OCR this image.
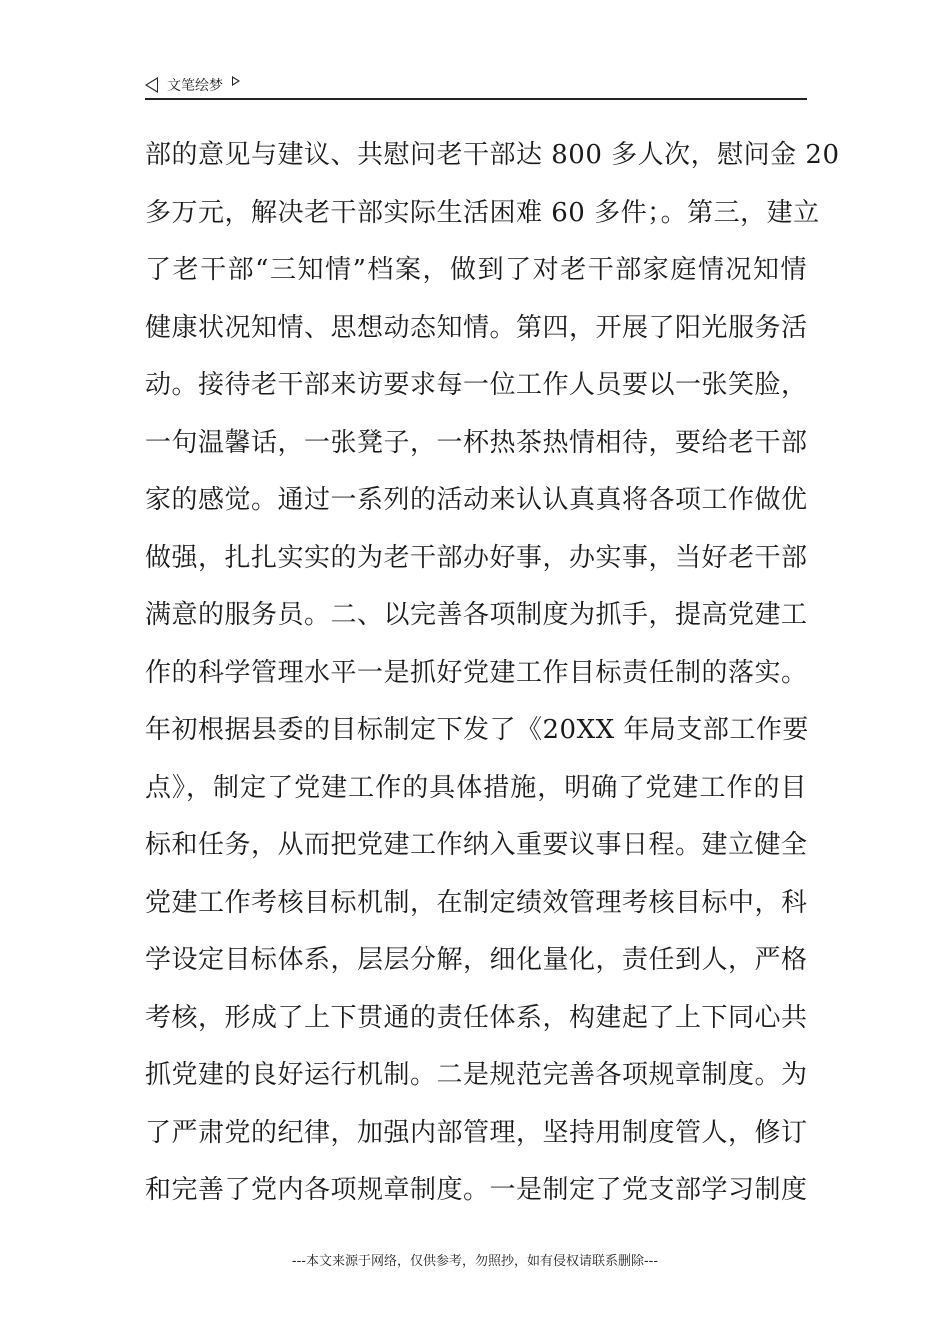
文笔绘梦
部的意见与建议、共慰问老干部达 800 多人次，慰问金 20
多万元，解决老干部实际生活困难 60 多件；。第三，建立
了老干部“三知情”档案，做到了对老干部家庭情况知情
健康状况知情、思想动态知情。第四，开展了阳光服务活
动。接待老干部来访要求每一位工作人员要以一张笑脸，
一句温馨话，一张凳子，一杯热茶热情相待，要给老干部
家的感觉。通过一系列的活动来认认真真将各项工作做优
做强，扎扎实实的为老干部办好事，办实事，当好老干部
满意的服务员。二、以完善各项制度为抓手，提高党建工
作的科学管理水平一是抓好党建工作目标责任制的落实。
年初根据县委的目标制定下发了《20XX 年局支部工作要
点》，制定了党建工作的具体措施，明确了党建工作的目
标和任务，从而把党建工作纳入重要议事日程。建立健全
党建工作考核目标机制，在制定绩效管理考核目标中，科
学设定目标体系，层层分解，细化量化，责任到人，严格
考核，形成了上下贯通的责任体系，构建起了上下同心共
抓党建的良好运行机制。二是规范完善各项规章制度。为
了严肃党的纪律，加强内部管理，坚持用制度管人，修订
和完善了党内各项规章制度。一是制定了党支部学习制度
---本文来源于网络，仅供参考，勿照抄，如有侵权请联系删除---
